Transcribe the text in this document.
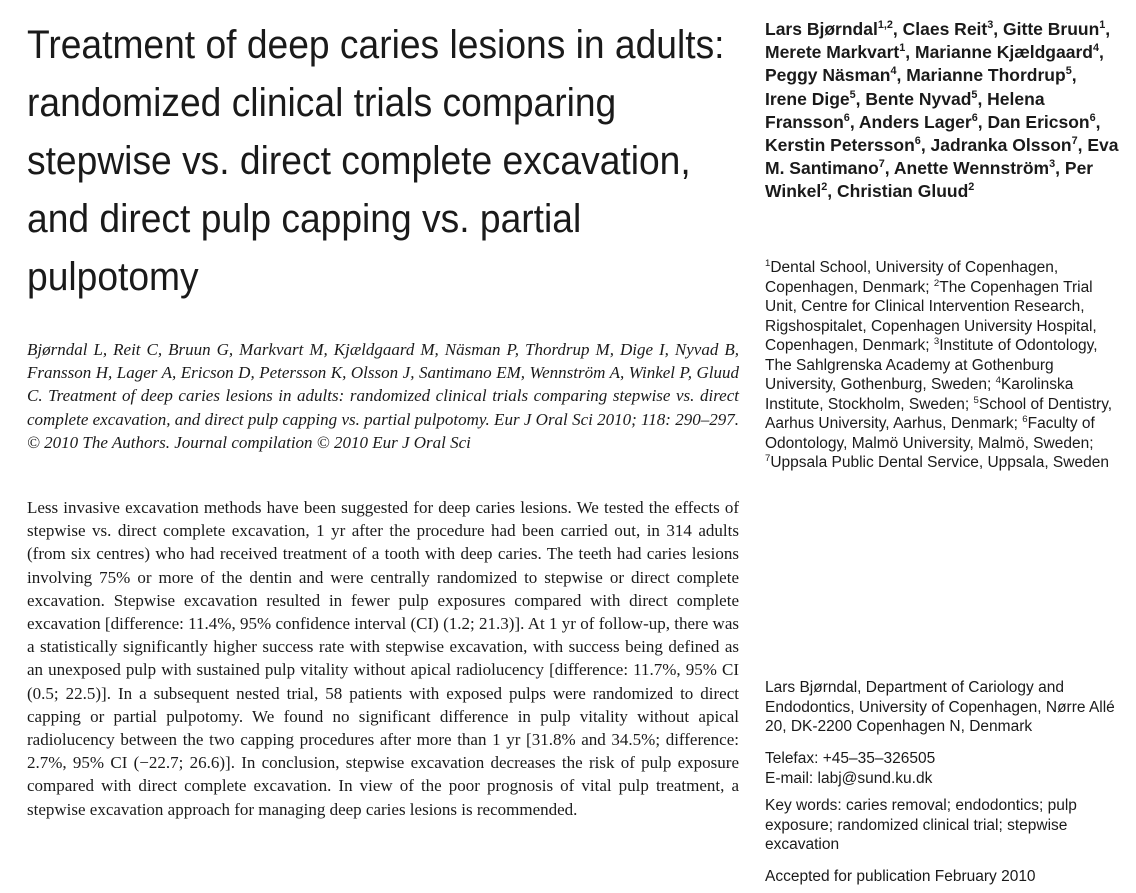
Treatment of deep caries lesions in adults: randomized clinical trials comparing stepwise vs. direct complete excavation, and direct pulp capping vs. partial pulpotomy

Bjørndal L, Reit C, Bruun G, Markvart M, Kjældgaard M, Näsman P, Thordrup M, Dige I, Nyvad B, Fransson H, Lager A, Ericson D, Petersson K, Olsson J, Santimano EM, Wennström A, Winkel P, Gluud C. Treatment of deep caries lesions in adults: randomized clinical trials comparing stepwise vs. direct complete excavation, and direct pulp capping vs. partial pulpotomy. Eur J Oral Sci 2010; 118: 290–297. © 2010 The Authors. Journal compilation © 2010 Eur J Oral Sci

Less invasive excavation methods have been suggested for deep caries lesions. We tested the effects of stepwise vs. direct complete excavation, 1 yr after the procedure had been carried out, in 314 adults (from six centres) who had received treatment of a tooth with deep caries. The teeth had caries lesions involving 75% or more of the dentin and were centrally randomized to stepwise or direct complete excavation. Stepwise excavation resulted in fewer pulp exposures compared with direct complete excavation [difference: 11.4%, 95% confidence interval (CI) (1.2; 21.3)]. At 1 yr of follow-up, there was a statistically significantly higher success rate with stepwise excavation, with success being defined as an unexposed pulp with sustained pulp vitality without apical radiolucency [difference: 11.7%, 95% CI (0.5; 22.5)]. In a subsequent nested trial, 58 patients with exposed pulps were randomized to direct capping or partial pulpotomy. We found no significant difference in pulp vitality without apical radiolucency between the two capping procedures after more than 1 yr [31.8% and 34.5%; difference: 2.7%, 95% CI (−22.7; 26.6)]. In conclusion, stepwise excavation decreases the risk of pulp exposure compared with direct complete excavation. In view of the poor prognosis of vital pulp treatment, a stepwise excavation approach for managing deep caries lesions is recommended.

Lars Bjørndal$^{1,2}$, Claes Reit$^3$, Gitte Bruun$^1$, Merete Markvart$^1$, Marianne Kjældgaard$^4$, Peggy Näsman$^4$, Marianne Thordrup$^5$, Irene Dige$^5$, Bente Nyvad$^5$, Helena Fransson$^6$, Anders Lager$^6$, Dan Ericson$^6$, Kerstin Petersson$^6$, Jadranka Olsson$^7$, Eva M. Santimano$^7$, Anette Wennström$^3$, Per Winkel$^2$, Christian Gluud$^2$

$^1$Dental School, University of Copenhagen, Copenhagen, Denmark; $^2$The Copenhagen Trial Unit, Centre for Clinical Intervention Research, Rigshospitalet, Copenhagen University Hospital, Copenhagen, Denmark; $^3$Institute of Odontology, The Sahlgrenska Academy at Gothenburg University, Gothenburg, Sweden; $^4$Karolinska Institute, Stockholm, Sweden; $^5$School of Dentistry, Aarhus University, Aarhus, Denmark; $^6$Faculty of Odontology, Malmö University, Malmö, Sweden; $^7$Uppsala Public Dental Service, Uppsala, Sweden

Lars Bjørndal, Department of Cariology and Endodontics, University of Copenhagen, Nørre Allé 20, DK-2200 Copenhagen N, Denmark

Telefax: +45–35–326505
E-mail: labj@sund.ku.dk

Key words: caries removal; endodontics; pulp exposure; randomized clinical trial; stepwise excavation

Accepted for publication February 2010
